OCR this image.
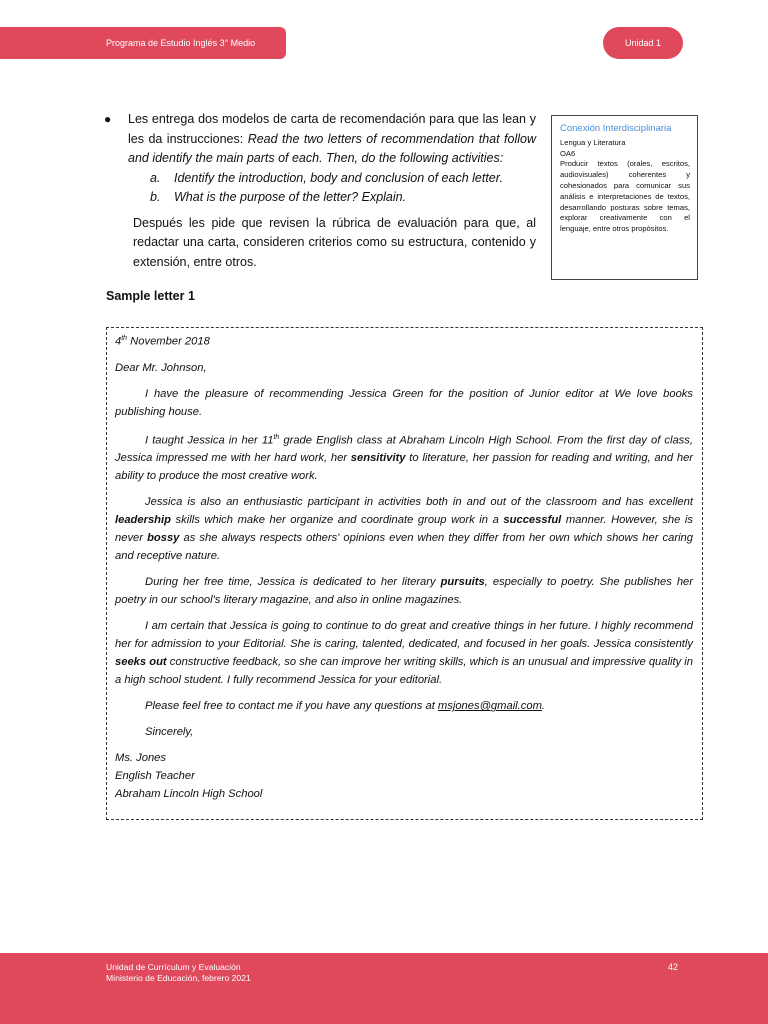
Programa de Estudio Inglés 3° Medio	Unidad 1
● Les entrega dos modelos de carta de recomendación para que las lean y les da instrucciones: Read the two letters of recommendation that follow and identify the main parts of each. Then, do the following activities:
a. Identify the introduction, body and conclusion of each letter.
b. What is the purpose of the letter? Explain.
Después les pide que revisen la rúbrica de evaluación para que, al redactar una carta, consideren criterios como su estructura, contenido y extensión, entre otros.
Conexión Interdisciplinaria
Lengua y Literatura
OA6
Producir textos (orales, escritos, audiovisuales) coherentes y cohesionados para comunicar sus análisis e interpretaciones de textos, desarrollando posturas sobre temas, explorar creativamente con el lenguaje, entre otros propósitos.
Sample letter 1

4th November 2018

Dear Mr. Johnson,

I have the pleasure of recommending Jessica Green for the position of Junior editor at We love books publishing house.

I taught Jessica in her 11th grade English class at Abraham Lincoln High School. From the first day of class, Jessica impressed me with her hard work, her sensitivity to literature, her passion for reading and writing, and her ability to produce the most creative work.

Jessica is also an enthusiastic participant in activities both in and out of the classroom and has excellent leadership skills which make her organize and coordinate group work in a successful manner. However, she is never bossy as she always respects others' opinions even when they differ from her own which shows her caring and receptive nature.

During her free time, Jessica is dedicated to her literary pursuits, especially to poetry. She publishes her poetry in our school's literary magazine, and also in online magazines.

I am certain that Jessica is going to continue to do great and creative things in her future. I highly recommend her for admission to your Editorial. She is caring, talented, dedicated, and focused in her goals. Jessica consistently seeks out constructive feedback, so she can improve her writing skills, which is an unusual and impressive quality in a high school student. I fully recommend Jessica for your editorial.

Please feel free to contact me if you have any questions at msjones@gmail.com.

Sincerely,

Ms. Jones

English Teacher

Abraham Lincoln High School

Unidad de Currículum y Evaluación
Ministerio de Educación, febrero 2021
42
